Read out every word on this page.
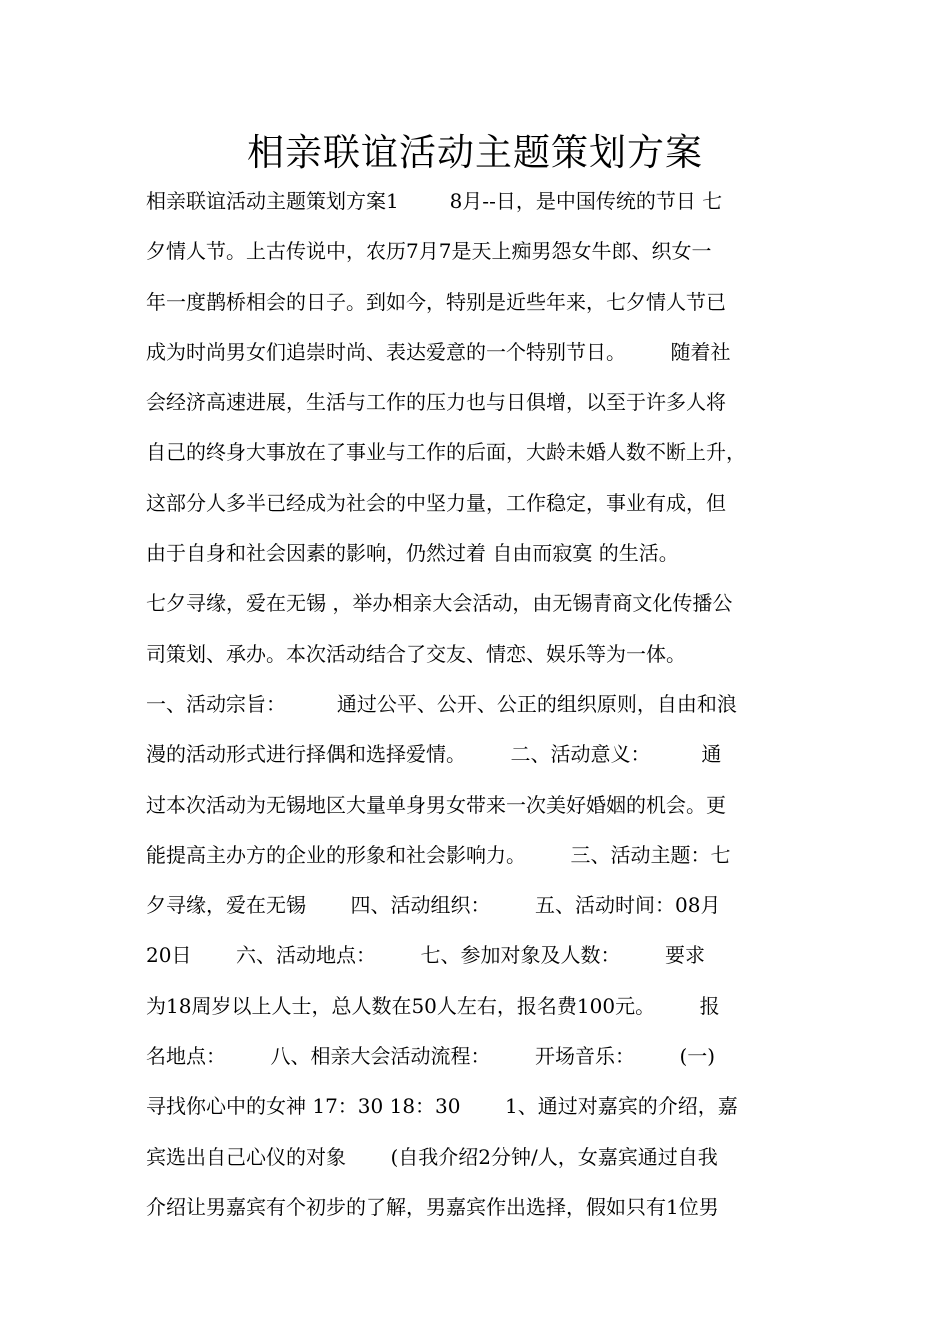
相亲联谊活动主题策划方案
相亲联谊活动主题策划方案1        8月--日，是中国传统的节日 七
夕情人节。上古传说中，农历7月7是天上痴男怨女牛郎、织女一
年一度鹊桥相会的日子。到如今，特别是近些年来，七夕情人节已
成为时尚男女们追崇时尚、表达爱意的一个特别节日。       随着社
会经济高速进展，生活与工作的压力也与日俱增，以至于许多人将
自己的终身大事放在了事业与工作的后面，大龄未婚人数不断上升，
这部分人多半已经成为社会的中坚力量，工作稳定，事业有成，但
由于自身和社会因素的影响，仍然过着 自由而寂寞 的生活。
七夕寻缘，爱在无锡 ，举办相亲大会活动，由无锡青商文化传播公
司策划、承办。本次活动结合了交友、情恋、娱乐等为一体。
一、活动宗旨：        通过公平、公开、公正的组织原则，自由和浪
漫的活动形式进行择偶和选择爱情。       二、活动意义：        通
过本次活动为无锡地区大量单身男女带来一次美好婚姻的机会。更
能提高主办方的企业的形象和社会影响力。       三、活动主题：七
夕寻缘，爱在无锡       四、活动组织：       五、活动时间：08月
20日       六、活动地点：       七、参加对象及人数：       要求
为18周岁以上人士，总人数在50人左右，报名费100元。       报
名地点：       八、相亲大会活动流程：       开场音乐：       (一)
寻找你心中的女神 17：30 18：30       1、通过对嘉宾的介绍，嘉
宾选出自己心仪的对象       (自我介绍2分钟/人，女嘉宾通过自我
介绍让男嘉宾有个初步的了解，男嘉宾作出选择，假如只有1位男
